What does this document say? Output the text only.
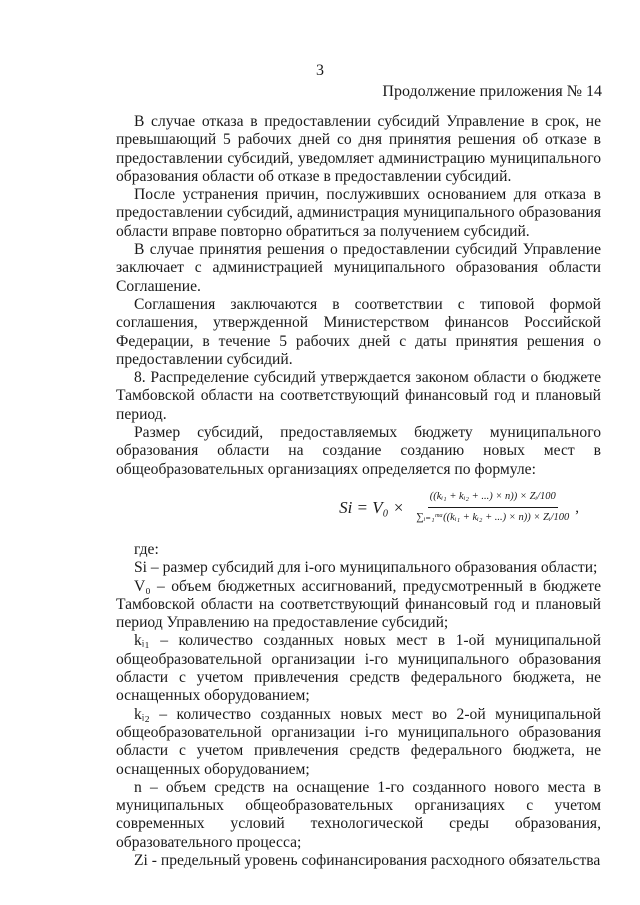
3
Продолжение приложения № 14

В случае отказа в предоставлении субсидий Управление в срок, не превышающий 5 рабочих дней со дня принятия решения об отказе в предоставлении субсидий, уведомляет администрацию муниципального образования области об отказе в предоставлении субсидий.

После устранения причин, послуживших основанием для отказа в предоставлении субсидий, администрация муниципального образования области вправе повторно обратиться за получением субсидий.

В случае принятия решения о предоставлении субсидий Управление заключает с администрацией муниципального образования области Соглашение.

Соглашения заключаются в соответствии с типовой формой соглашения, утвержденной Министерством финансов Российской Федерации, в течение 5 рабочих дней с даты принятия решения о предоставлении субсидий.

8. Распределение субсидий утверждается законом области о бюджете Тамбовской области на соответствующий финансовый год и плановый период.

Размер субсидий, предоставляемых бюджету муниципального образования области на создание созданию новых мест в общеобразовательных организациях определяется по формуле:

$Si = V_0 \times \frac{\text{((kᵢ₁ + kᵢ₂ + ...) × n)) × Zᵢ/100}}{\text{∑ᵢ₌₁ᵐᵃ((kᵢ₁ + kᵢ₂ + ...) × n)) × Zᵢ/100}}$ ,

где:

Si – размер субсидий для i-ого муниципального образования области;

V₀ – объем бюджетных ассигнований, предусмотренный в бюджете Тамбовской области на соответствующий финансовый год и плановый период Управлению на предоставление субсидий;

kᵢ₁ – количество созданных новых мест в 1-ой муниципальной общеобразовательной организации i-го муниципального образования области с учетом привлечения средств федерального бюджета, не оснащенных оборудованием;

kᵢ₂ – количество созданных новых мест во 2-ой муниципальной общеобразовательной организации i-го муниципального образования области с учетом привлечения средств федерального бюджета, не оснащенных оборудованием;

n – объем средств на оснащение 1-го созданного нового места в муниципальных общеобразовательных организациях с учетом современных условий технологической среды образования, образовательного процесса;

Zi - предельный уровень софинансирования расходного обязательства
